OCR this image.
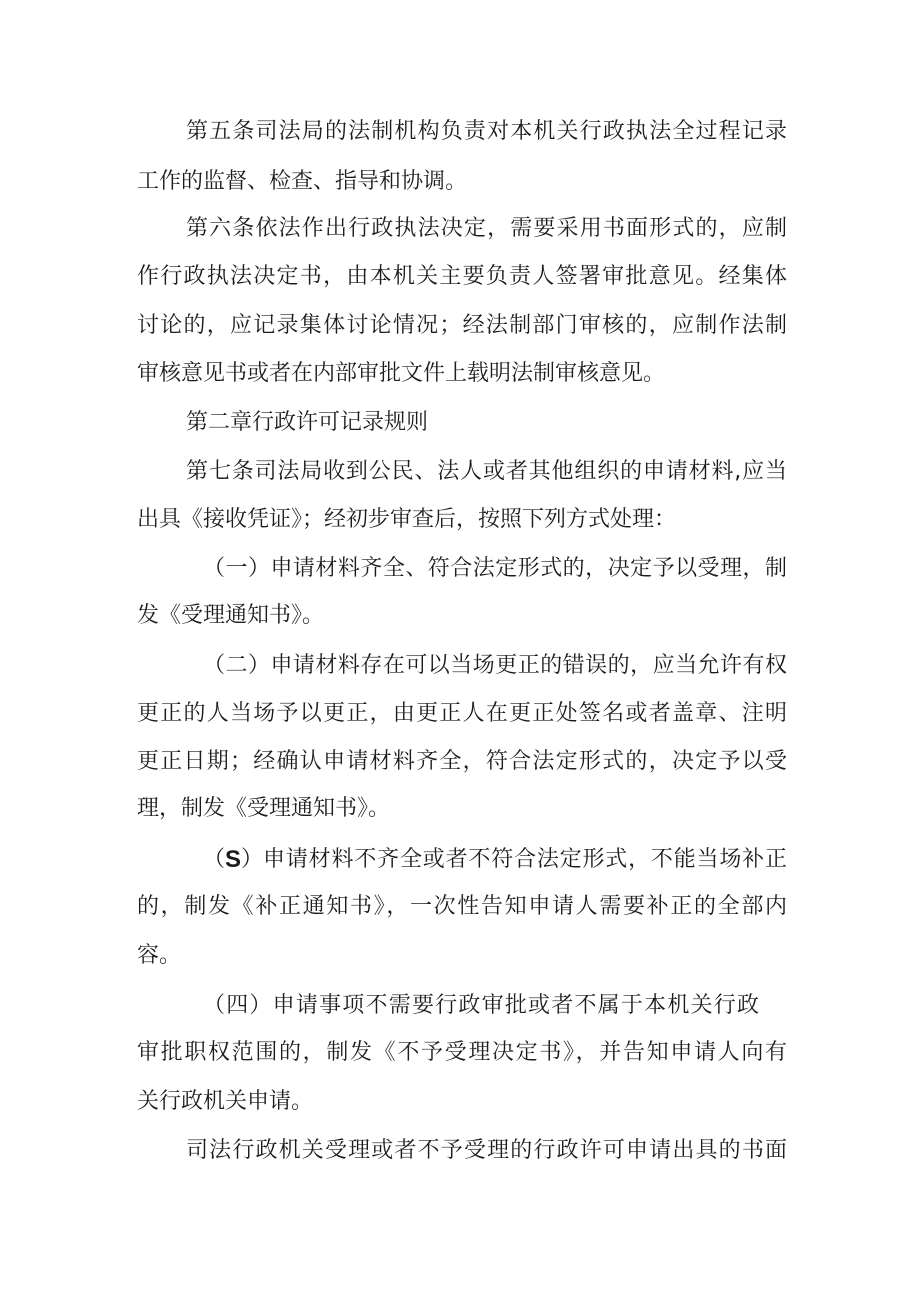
第五条司法局的法制机构负责对本机关行政执法全过程记录
工作的监督、检查、指导和协调。
第六条依法作出行政执法决定，需要采用书面形式的，应制
作行政执法决定书，由本机关主要负责人签署审批意见。经集体
讨论的，应记录集体讨论情况；经法制部门审核的，应制作法制
审核意见书或者在内部审批文件上载明法制审核意见。
第二章行政许可记录规则
第七条司法局收到公民、法人或者其他组织的申请材料,应当
出具《接收凭证》；经初步审查后，按照下列方式处理：
（一）申请材料齐全、符合法定形式的，决定予以受理，制
发《受理通知书》。
（二）申请材料存在可以当场更正的错误的，应当允许有权
更正的人当场予以更正，由更正人在更正处签名或者盖章、注明
更正日期；经确认申请材料齐全，符合法定形式的，决定予以受
理，制发《受理通知书》。
（ S ） 申请材料不齐全或者不符合法定形式，不能当场补正
的，制发《补正通知书》，一次性告知申请人需要补正的全部内
容。
（四）申请事项不需要行政审批或者不属于本机关行政
审批职权范围的，制发《不予受理决定书》，并告知申请人向有
关行政机关申请。
司法行政机关受理或者不予受理的行政许可申请出具的书面
